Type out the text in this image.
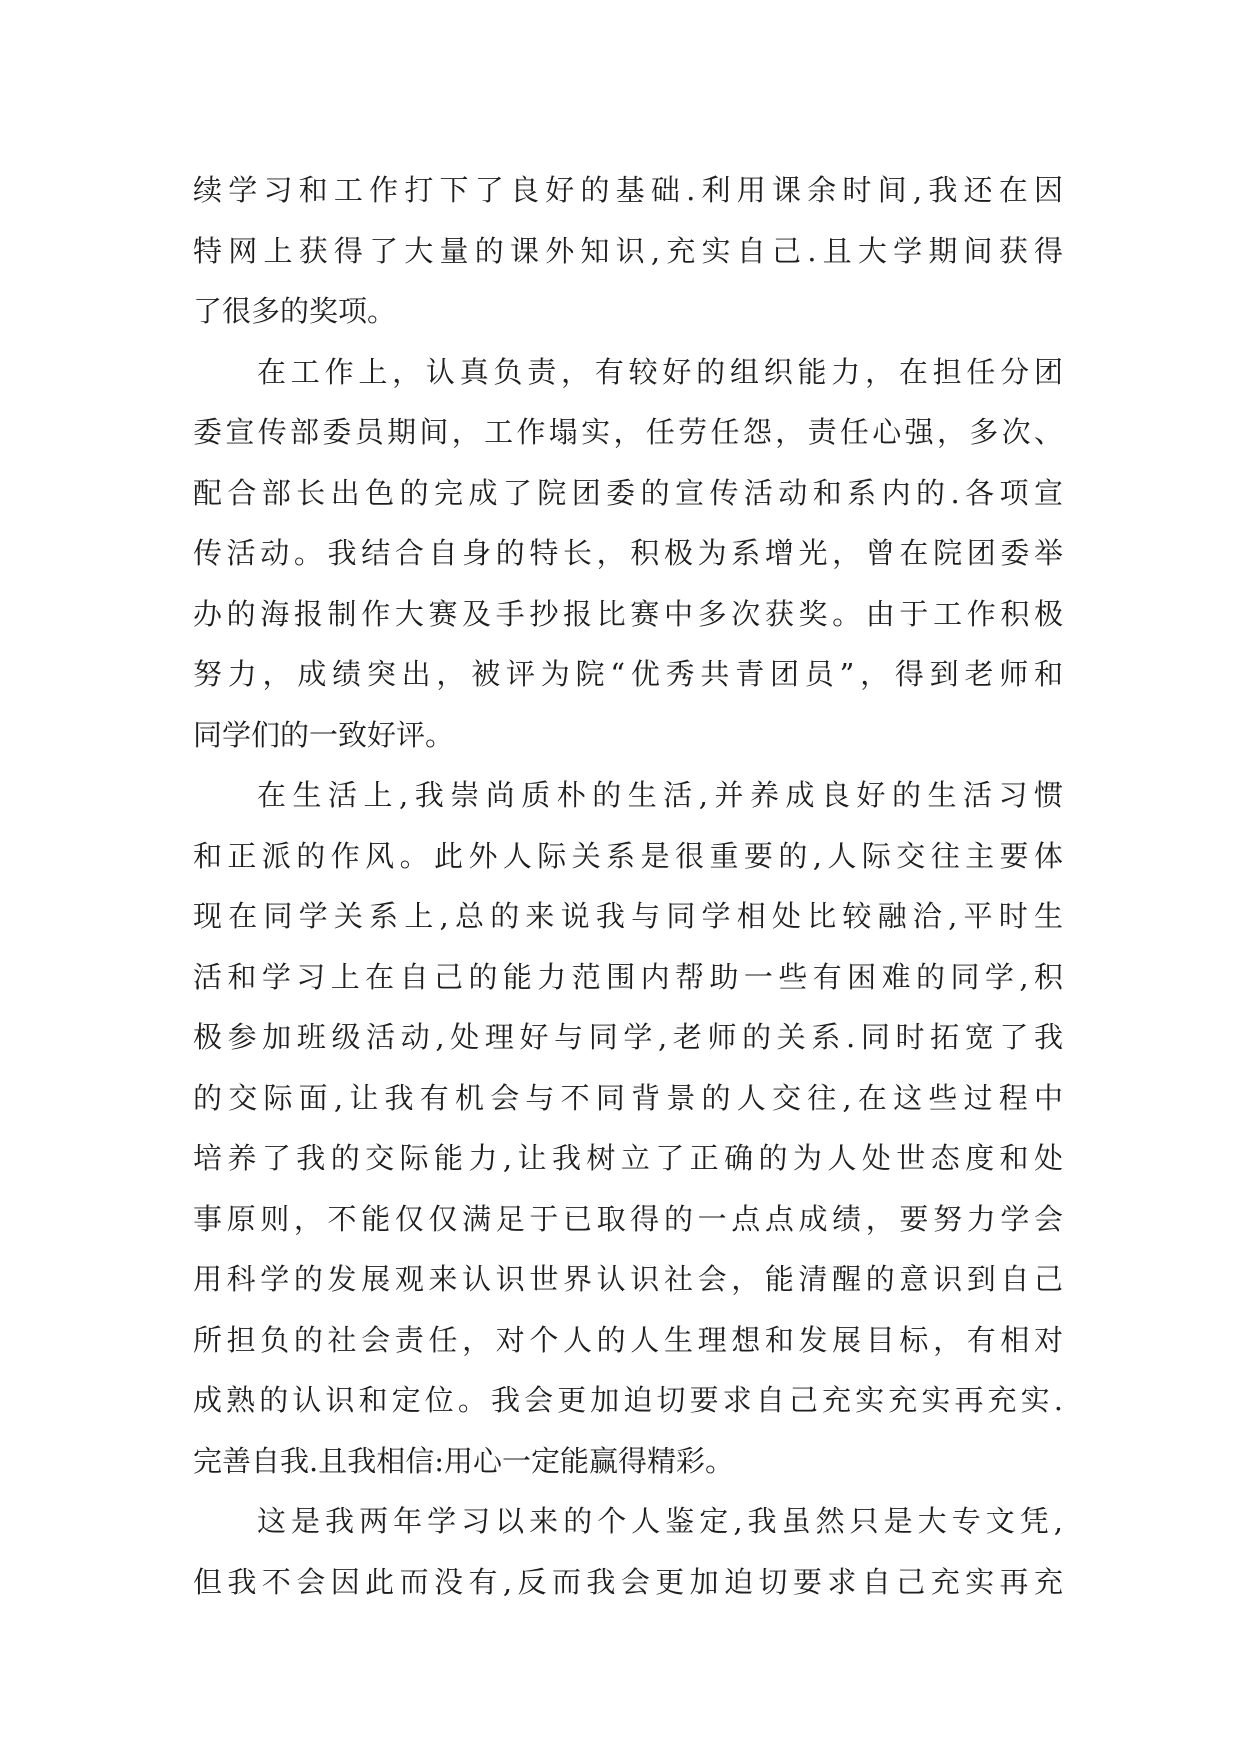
续学习和工作打下了良好的基础.利用课余时间,我还在因
特网上获得了大量的课外知识,充实自己.且大学期间获得
了很多的奖项。
在工作上，认真负责，有较好的组织能力，在担任分团
委宣传部委员期间，工作塌实，任劳任怨，责任心强，多次、
配合部长出色的完成了院团委的宣传活动和系内的.各项宣
传活动。我结合自身的特长，积极为系增光，曾在院团委举
办的海报制作大赛及手抄报比赛中多次获奖。由于工作积极
努力，成绩突出，被评为院“优秀共青团员”，得到老师和
同学们的一致好评。
在生活上,我崇尚质朴的生活,并养成良好的生活习惯
和正派的作风。此外人际关系是很重要的,人际交往主要体
现在同学关系上,总的来说我与同学相处比较融洽,平时生
活和学习上在自己的能力范围内帮助一些有困难的同学,积
极参加班级活动,处理好与同学,老师的关系.同时拓宽了我
的交际面,让我有机会与不同背景的人交往,在这些过程中
培养了我的交际能力,让我树立了正确的为人处世态度和处
事原则，不能仅仅满足于已取得的一点点成绩，要努力学会
用科学的发展观来认识世界认识社会，能清醒的意识到自己
所担负的社会责任，对个人的人生理想和发展目标，有相对
成熟的认识和定位。我会更加迫切要求自己充实充实再充实.
完善自我.且我相信:用心一定能赢得精彩。
这是我两年学习以来的个人鉴定,我虽然只是大专文凭,
但我不会因此而没有,反而我会更加迫切要求自己充实再充
